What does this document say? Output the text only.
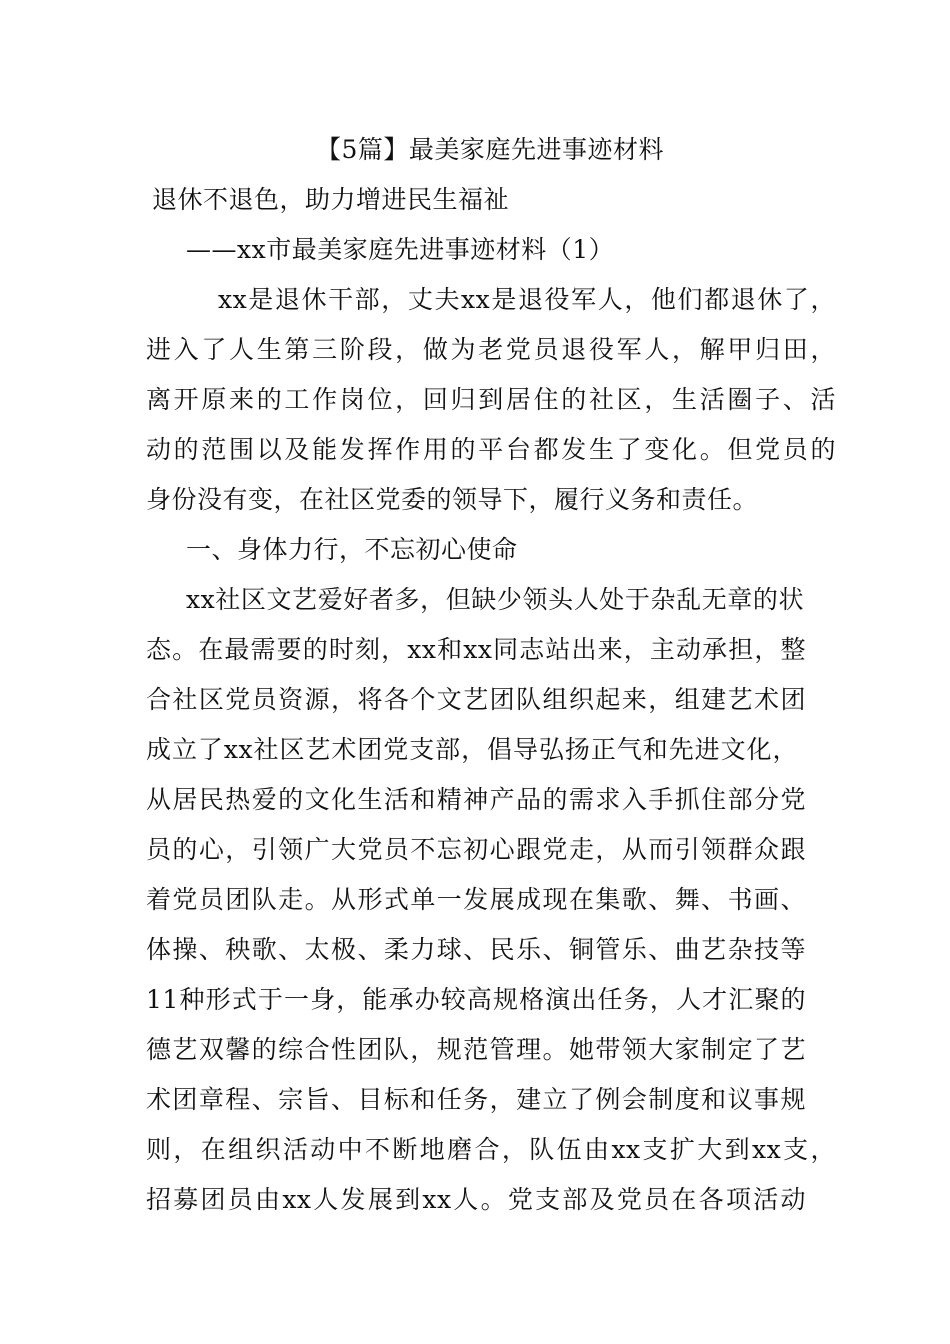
【5篇】最美家庭先进事迹材料
退休不退色，助力增进民生福祉
——xx市最美家庭先进事迹材料（1）
xx是退休干部，丈夫xx是退役军人，他们都退休了，
进入了人生第三阶段，做为老党员退役军人，解甲归田，
离开原来的工作岗位，回归到居住的社区，生活圈子、活
动的范围以及能发挥作用的平台都发生了变化。但党员的
身份没有变，在社区党委的领导下，履行义务和责任。
一、身体力行，不忘初心使命
xx社区文艺爱好者多，但缺少领头人处于杂乱无章的状
态。在最需要的时刻，xx和xx同志站出来，主动承担，整
合社区党员资源，将各个文艺团队组织起来，组建艺术团
成立了xx社区艺术团党支部，倡导弘扬正气和先进文化，
从居民热爱的文化生活和精神产品的需求入手抓住部分党
员的心，引领广大党员不忘初心跟党走，从而引领群众跟
着党员团队走。从形式单一发展成现在集歌、舞、书画、
体操、秧歌、太极、柔力球、民乐、铜管乐、曲艺杂技等
11种形式于一身，能承办较高规格演出任务，人才汇聚的
德艺双馨的综合性团队，规范管理。她带领大家制定了艺
术团章程、宗旨、目标和任务，建立了例会制度和议事规
则，在组织活动中不断地磨合，队伍由xx支扩大到xx支，
招募团员由xx人发展到xx人。党支部及党员在各项活动
